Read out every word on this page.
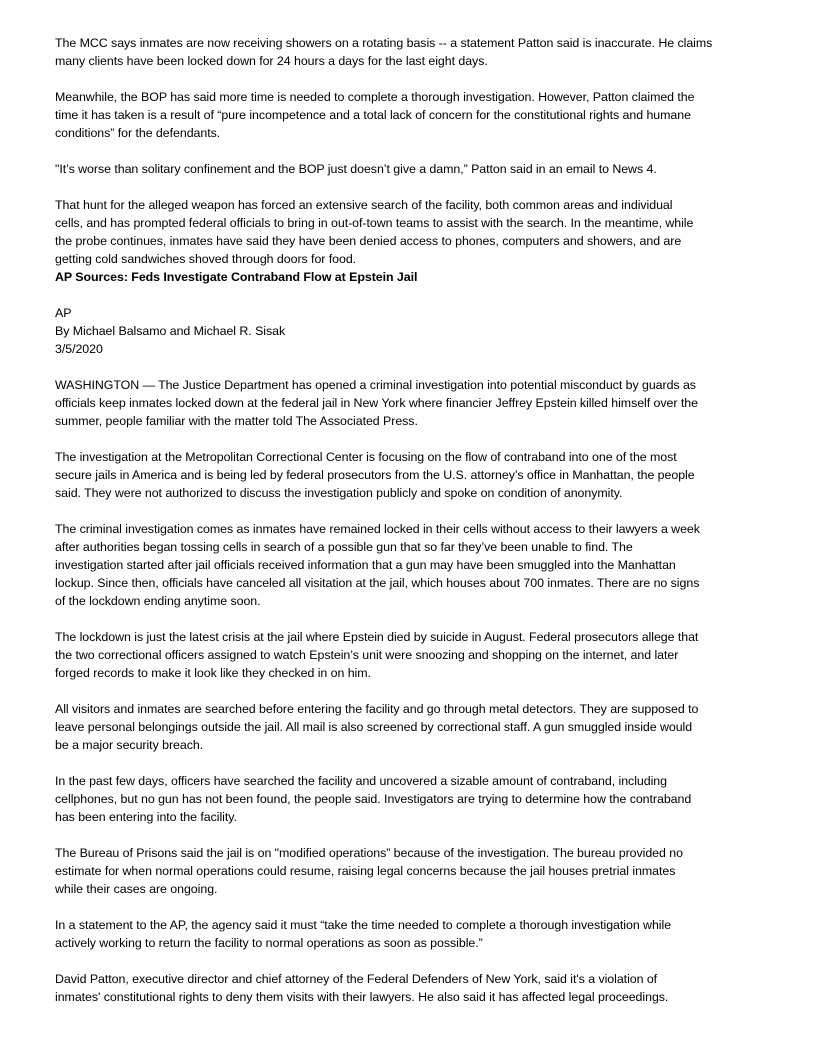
The MCC says inmates are now receiving showers on a rotating basis -- a statement Patton said is inaccurate. He claims
many clients have been locked down for 24 hours a days for the last eight days.

Meanwhile, the BOP has said more time is needed to complete a thorough investigation. However, Patton claimed the
time it has taken is a result of “pure incompetence and a total lack of concern for the constitutional rights and humane
conditions” for the defendants.

"It’s worse than solitary confinement and the BOP just doesn’t give a damn,” Patton said in an email to News 4.

That hunt for the alleged weapon has forced an extensive search of the facility, both common areas and individual
cells, and has prompted federal officials to bring in out-of-town teams to assist with the search. In the meantime, while
the probe continues, inmates have said they have been denied access to phones, computers and showers, and are
getting cold sandwiches shoved through doors for food.

AP Sources: Feds Investigate Contraband Flow at Epstein Jail
AP
By Michael Balsamo and Michael R. Sisak
3/5/2020

WASHINGTON — The Justice Department has opened a criminal investigation into potential misconduct by guards as
officials keep inmates locked down at the federal jail in New York where financier Jeffrey Epstein killed himself over the
summer, people familiar with the matter told The Associated Press.

The investigation at the Metropolitan Correctional Center is focusing on the flow of contraband into one of the most
secure jails in America and is being led by federal prosecutors from the U.S. attorney’s office in Manhattan, the people
said. They were not authorized to discuss the investigation publicly and spoke on condition of anonymity.

The criminal investigation comes as inmates have remained locked in their cells without access to their lawyers a week
after authorities began tossing cells in search of a possible gun that so far they’ve been unable to find. The
investigation started after jail officials received information that a gun may have been smuggled into the Manhattan
lockup. Since then, officials have canceled all visitation at the jail, which houses about 700 inmates. There are no signs
of the lockdown ending anytime soon.

The lockdown is just the latest crisis at the jail where Epstein died by suicide in August. Federal prosecutors allege that
the two correctional officers assigned to watch Epstein’s unit were snoozing and shopping on the internet, and later
forged records to make it look like they checked in on him.

All visitors and inmates are searched before entering the facility and go through metal detectors. They are supposed to
leave personal belongings outside the jail. All mail is also screened by correctional staff. A gun smuggled inside would
be a major security breach.

In the past few days, officers have searched the facility and uncovered a sizable amount of contraband, including
cellphones, but no gun has not been found, the people said. Investigators are trying to determine how the contraband
has been entering into the facility.

The Bureau of Prisons said the jail is on "modified operations” because of the investigation. The bureau provided no
estimate for when normal operations could resume, raising legal concerns because the jail houses pretrial inmates
while their cases are ongoing.

In a statement to the AP, the agency said it must “take the time needed to complete a thorough investigation while
actively working to return the facility to normal operations as soon as possible.”

David Patton, executive director and chief attorney of the Federal Defenders of New York, said it's a violation of
inmates' constitutional rights to deny them visits with their lawyers. He also said it has affected legal proceedings.
